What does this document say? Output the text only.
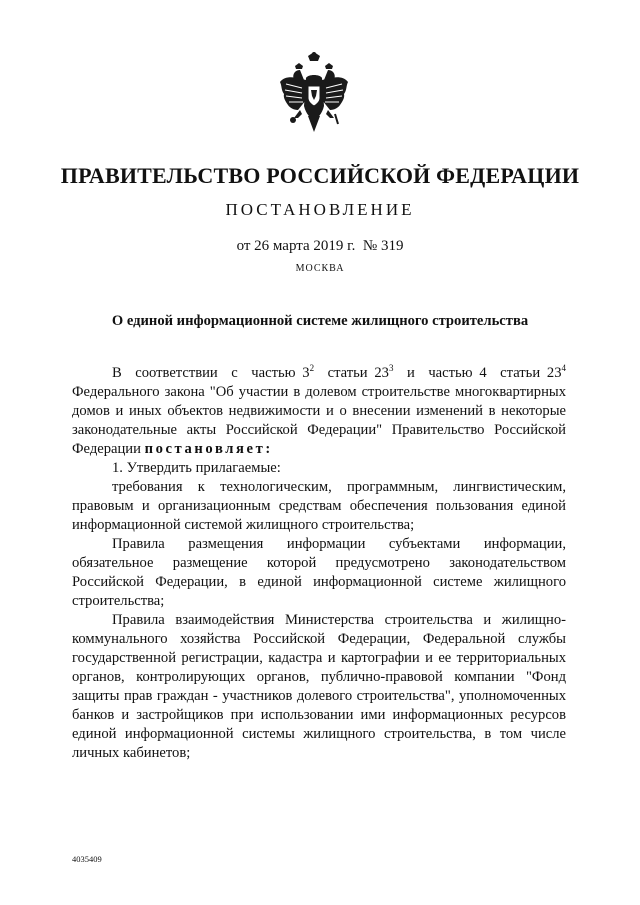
ПРАВИТЕЛЬСТВО РОССИЙСКОЙ ФЕДЕРАЦИИ
ПОСТАНОВЛЕНИЕ
от 26 марта 2019 г.  № 319
МОСКВА
О единой информационной системе жилищного строительства

В  соответствии  с  частью $3^2$  статьи $23^3$  и  частью 4  статьи $23^4$ Федерального закона "Об участии в долевом строительстве многоквартирных домов и иных объектов недвижимости и о внесении изменений в некоторые законодательные акты Российской Федерации" Правительство Российской Федерации постановляет:

1. Утвердить прилагаемые:

требования к технологическим, программным, лингвистическим, правовым и организационным средствам обеспечения пользования единой информационной системой жилищного строительства;

Правила размещения информации субъектами информации, обязательное размещение которой предусмотрено законодательством Российской Федерации, в единой информационной системе жилищного строительства;

Правила взаимодействия Министерства строительства и жилищно-коммунального хозяйства Российской Федерации, Федеральной службы государственной регистрации, кадастра и картографии и ее территориальных органов, контролирующих органов, публично-правовой компании "Фонд защиты прав граждан - участников долевого строительства", уполномоченных банков и застройщиков при использовании ими информационных ресурсов единой информационной системы жилищного строительства, в том числе личных кабинетов;

4035409
